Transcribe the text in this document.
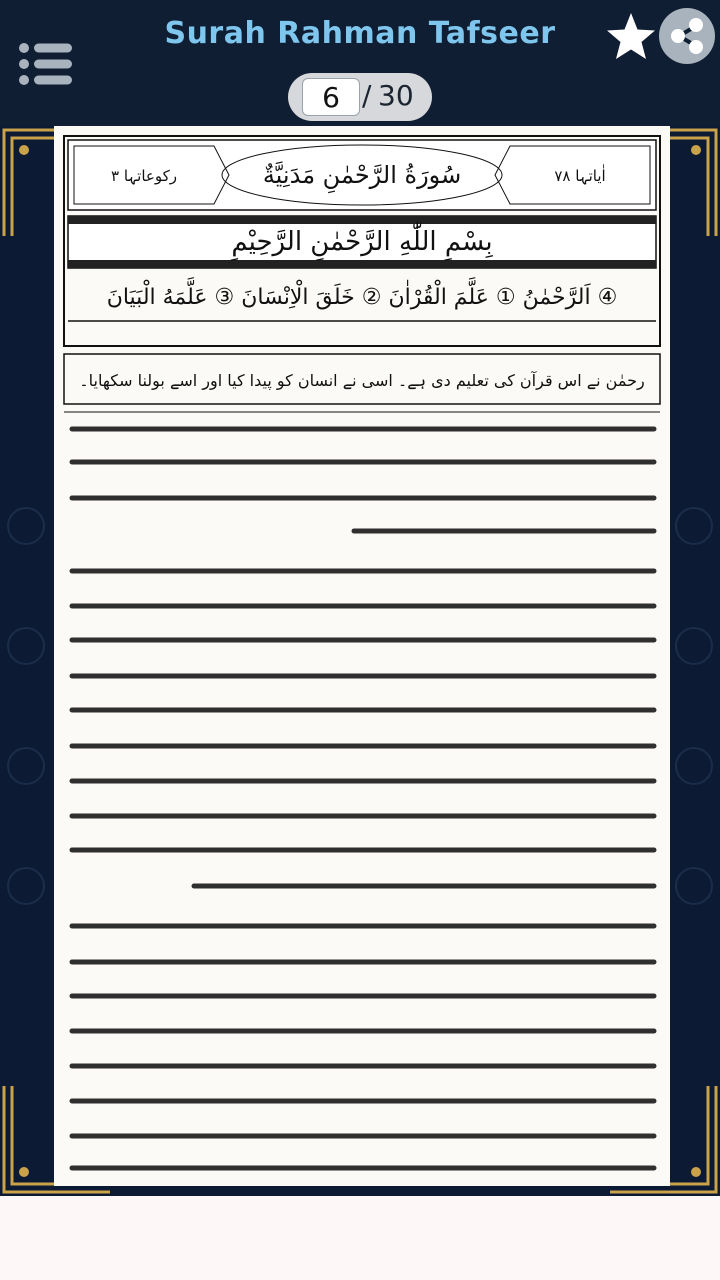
Surah Rahman Tafseer
6
/ 30
سُورَةُ الرَّحْمٰنِ مَدَنِيَّةٌ
رکوعاتہا ۳	اٰیاتہا ۷۸
بِسْمِ اللّٰهِ الرَّحْمٰنِ الرَّحِيْمِ
اَلرَّحْمٰنُ ① عَلَّمَ الْقُرْاٰنَ ② خَلَقَ الْاِنْسَانَ ③ عَلَّمَهُ الْبَيَانَ ④
رحمٰن نے اس قرآن کی تعلیم دی ہے۔ اسی نے انسان کو پیدا کیا اور اسے بولنا سکھایا۔
